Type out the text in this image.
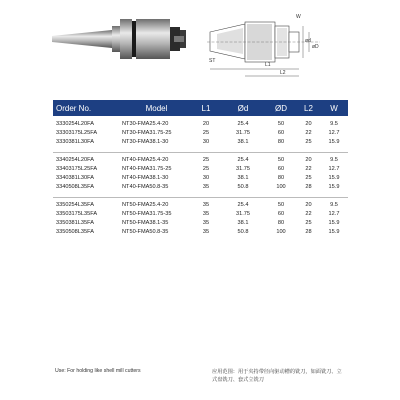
ST
L1
L2
W
ød
øD
Order No.	Model	L1	Ød	ØD	L2	W
3330254L20FA	NT30-FMA25.4-20	20	25.4	50	20	9.5
33303175L25FA	NT30-FMA31.75-25	25	31.75	60	22	12.7
3330381L30FA	NT30-FMA38.1-30	30	38.1	80	25	15.9
3340254L20FA	NT40-FMA25.4-20	25	25.4	50	20	9.5
33403175L25FA	NT40-FMA31.75-25	25	31.75	60	22	12.7
3340381L30FA	NT40-FMA38.1-30	30	38.1	80	25	15.9
3340508L35FA	NT40-FMA50.8-35	35	50.8	100	28	15.9
3350254L35FA	NT50-FMA25.4-20	35	25.4	50	20	9.5
33503175L35FA	NT50-FMA31.75-35	35	31.75	60	22	12.7
3350381L35FA	NT50-FMA38.1-35	35	38.1	80	25	15.9
3350508L35FA	NT50-FMA50.8-35	35	50.8	100	28	15.9
Use: For holding like shell mill cutters	应用范围：用于夹持带径向驱动槽的铣刀，如面铣刀、立式盘铣刀、套式立铣刀
